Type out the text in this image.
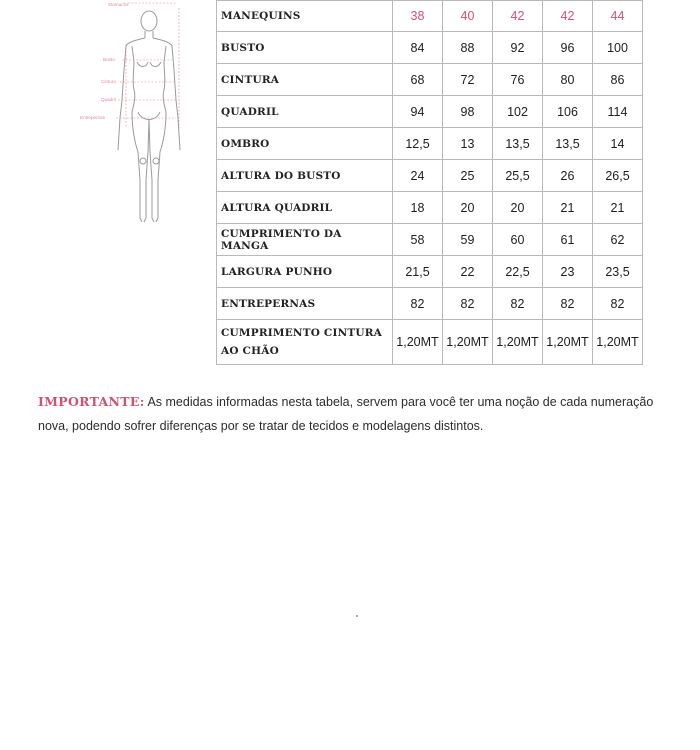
Stomachs
Busto
Cintura
Quadril
Entrepernas
MANEQUINS	38	40	42	42	44
BUSTO	84	88	92	96	100
CINTURA	68	72	76	80	86
QUADRIL	94	98	102	106	114
OMBRO	12,5	13	13,5	13,5	14
ALTURA DO BUSTO	24	25	25,5	26	26,5
ALTURA QUADRIL	18	20	20	21	21
CUMPRIMENTO DA MANGA	58	59	60	61	62
LARGURA PUNHO	21,5	22	22,5	23	23,5
ENTREPERNAS	82	82	82	82	82
CUMPRIMENTO CINTURA AO CHÃO	1,20MT	1,20MT	1,20MT	1,20MT	1,20MT
IMPORTANTE: As medidas informadas nesta tabela, servem para você ter uma noção de cada numeração nova, podendo sofrer diferenças por se tratar de tecidos e modelagens distintos.
